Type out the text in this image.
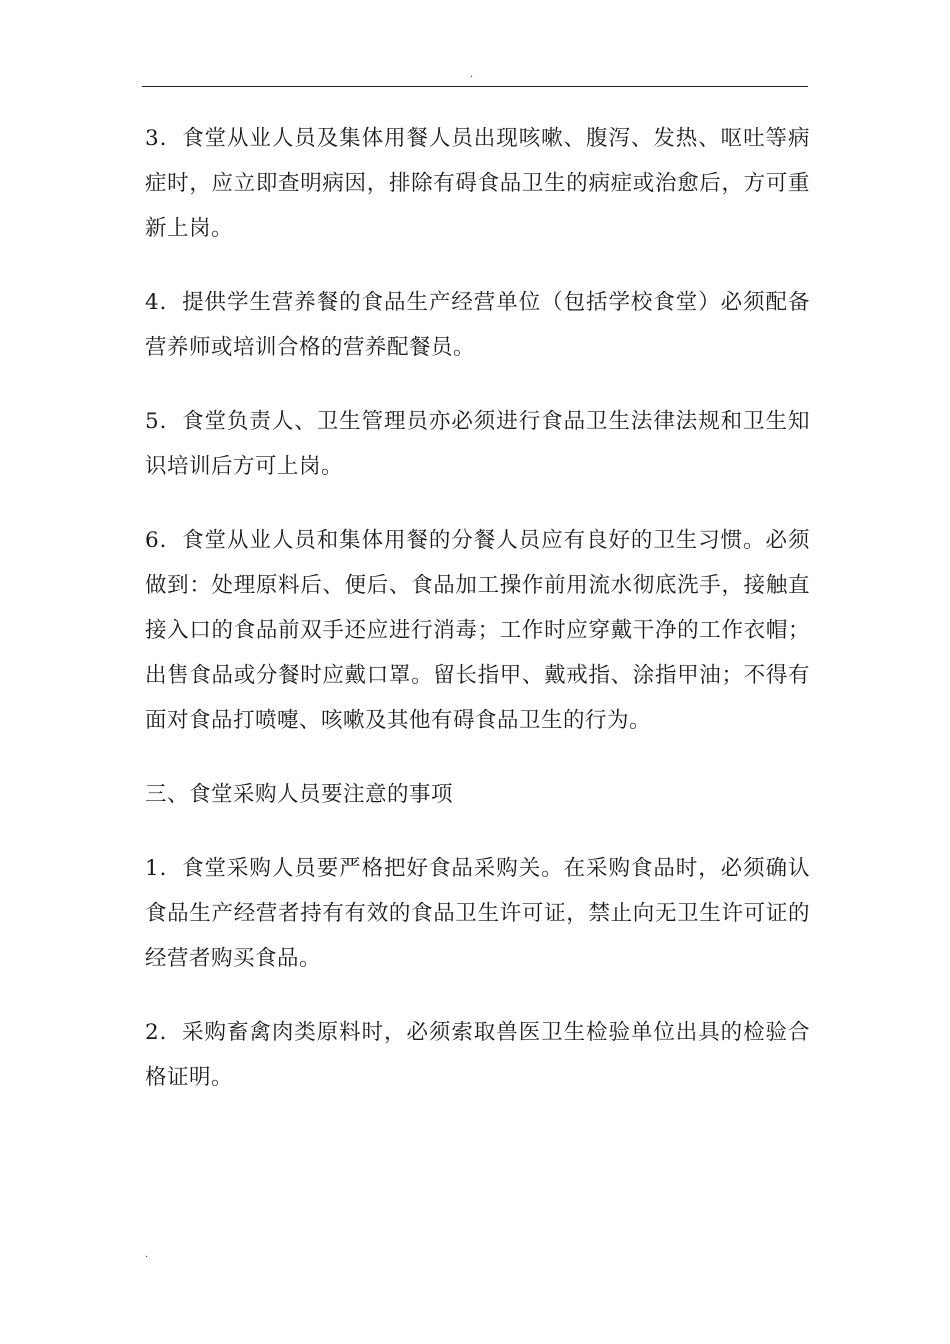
.

3．食堂从业人员及集体用餐人员出现咳嗽、腹泻、发热、呕吐等病症时，应立即查明病因，排除有碍食品卫生的病症或治愈后，方可重新上岗。

4．提供学生营养餐的食品生产经营单位（包括学校食堂）必须配备营养师或培训合格的营养配餐员。

5．食堂负责人、卫生管理员亦必须进行食品卫生法律法规和卫生知识培训后方可上岗。

6．食堂从业人员和集体用餐的分餐人员应有良好的卫生习惯。必须做到：处理原料后、便后、食品加工操作前用流水彻底洗手，接触直接入口的食品前双手还应进行消毒；工作时应穿戴干净的工作衣帽；出售食品或分餐时应戴口罩。留长指甲、戴戒指、涂指甲油；不得有面对食品打喷嚏、咳嗽及其他有碍食品卫生的行为。

三、食堂采购人员要注意的事项

1．食堂采购人员要严格把好食品采购关。在采购食品时，必须确认食品生产经营者持有有效的食品卫生许可证，禁止向无卫生许可证的经营者购买食品。

2．采购畜禽肉类原料时，必须索取兽医卫生检验单位出具的检验合格证明。

.
